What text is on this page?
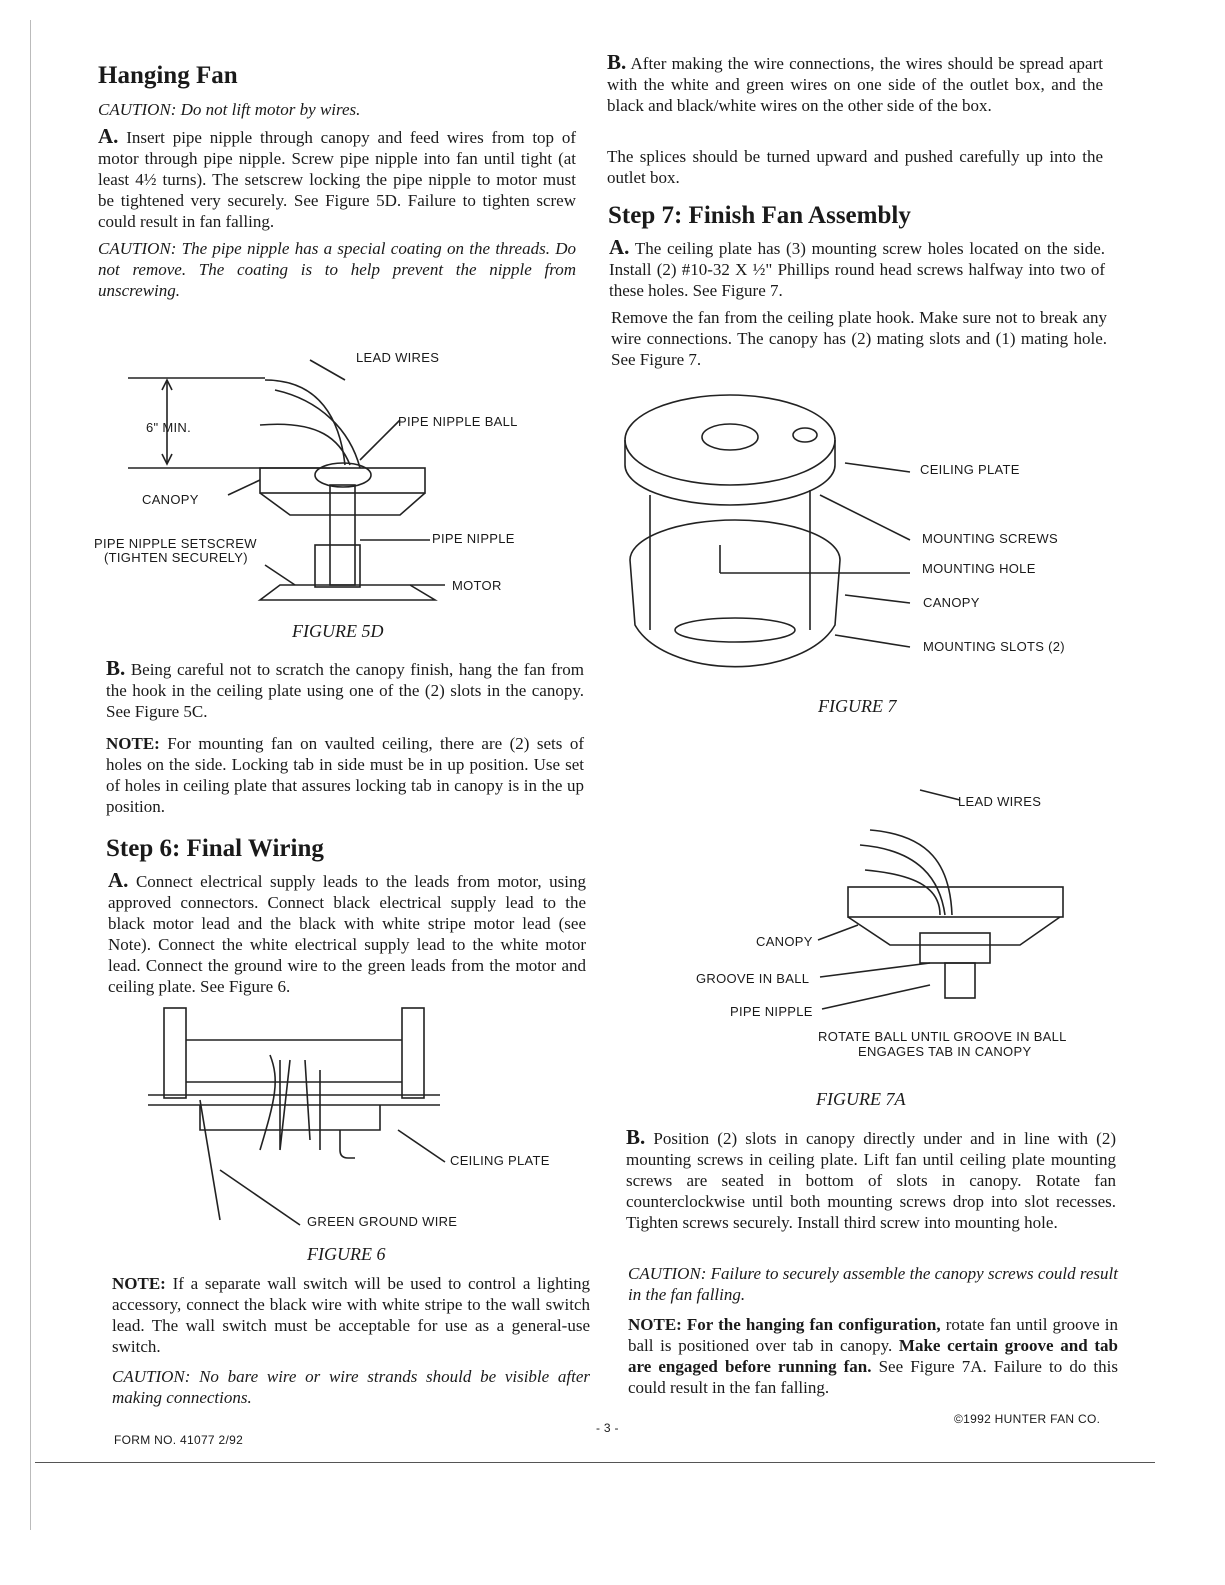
Hanging Fan
CAUTION: Do not lift motor by wires.
A. Insert pipe nipple through canopy and feed wires from top of motor through pipe nipple. Screw pipe nipple into fan until tight (at least 4½ turns). The setscrew locking the pipe nipple to motor must be tightened very securely. See Figure 5D. Failure to tighten screw could result in fan falling.
CAUTION: The pipe nipple has a special coating on the threads. Do not remove. The coating is to help prevent the nipple from unscrewing.
LEAD WIRES
6" MIN.	PIPE NIPPLE BALL
CANOPY
PIPE NIPPLE SETSCREW
(TIGHTEN SECURELY)
PIPE NIPPLE
MOTOR
FIGURE 5D
B. Being careful not to scratch the canopy finish, hang the fan from the hook in the ceiling plate using one of the (2) slots in the canopy. See Figure 5C.
NOTE: For mounting fan on vaulted ceiling, there are (2) sets of holes on the side. Locking tab in side must be in up position. Use set of holes in ceiling plate that assures locking tab in canopy is in the up position.
Step 6: Final Wiring
A. Connect electrical supply leads to the leads from motor, using approved connectors. Connect black electrical supply lead to the black motor lead and the black with white stripe motor lead (see Note). Connect the white electrical supply lead to the white motor lead. Connect the ground wire to the green leads from the motor and ceiling plate. See Figure 6.
CEILING PLATE
GREEN GROUND WIRE
FIGURE 6
NOTE: If a separate wall switch will be used to control a lighting accessory, connect the black wire with white stripe to the wall switch lead. The wall switch must be acceptable for use as a general-use switch.
CAUTION: No bare wire or wire strands should be visible after making connections.
FORM NO. 41077 2/92
B. After making the wire connections, the wires should be spread apart with the white and green wires on one side of the outlet box, and the black and black/white wires on the other side of the box.
The splices should be turned upward and pushed carefully up into the outlet box.
Step 7: Finish Fan Assembly
A. The ceiling plate has (3) mounting screw holes located on the side. Install (2) #10-32 X ½" Phillips round head screws halfway into two of these holes. See Figure 7.
Remove the fan from the ceiling plate hook. Make sure not to break any wire connections. The canopy has (2) mating slots and (1) mating hole. See Figure 7.
CEILING PLATE
MOUNTING SCREWS
MOUNTING HOLE
CANOPY
MOUNTING SLOTS (2)
FIGURE 7
LEAD WIRES
CANOPY
GROOVE IN BALL
PIPE NIPPLE
ROTATE BALL UNTIL GROOVE IN BALL
ENGAGES TAB IN CANOPY
FIGURE 7A
B. Position (2) slots in canopy directly under and in line with (2) mounting screws in ceiling plate. Lift fan until ceiling plate mounting screws are seated in bottom of slots in canopy. Rotate fan counterclockwise until both mounting screws drop into slot recesses. Tighten screws securely. Install third screw into mounting hole.
CAUTION: Failure to securely assemble the canopy screws could result in the fan falling.
NOTE: For the hanging fan configuration, rotate fan until groove in ball is positioned over tab in canopy. Make certain groove and tab are engaged before running fan. See Figure 7A. Failure to do this could result in the fan falling.
©1992 HUNTER FAN CO.
- 3 -
